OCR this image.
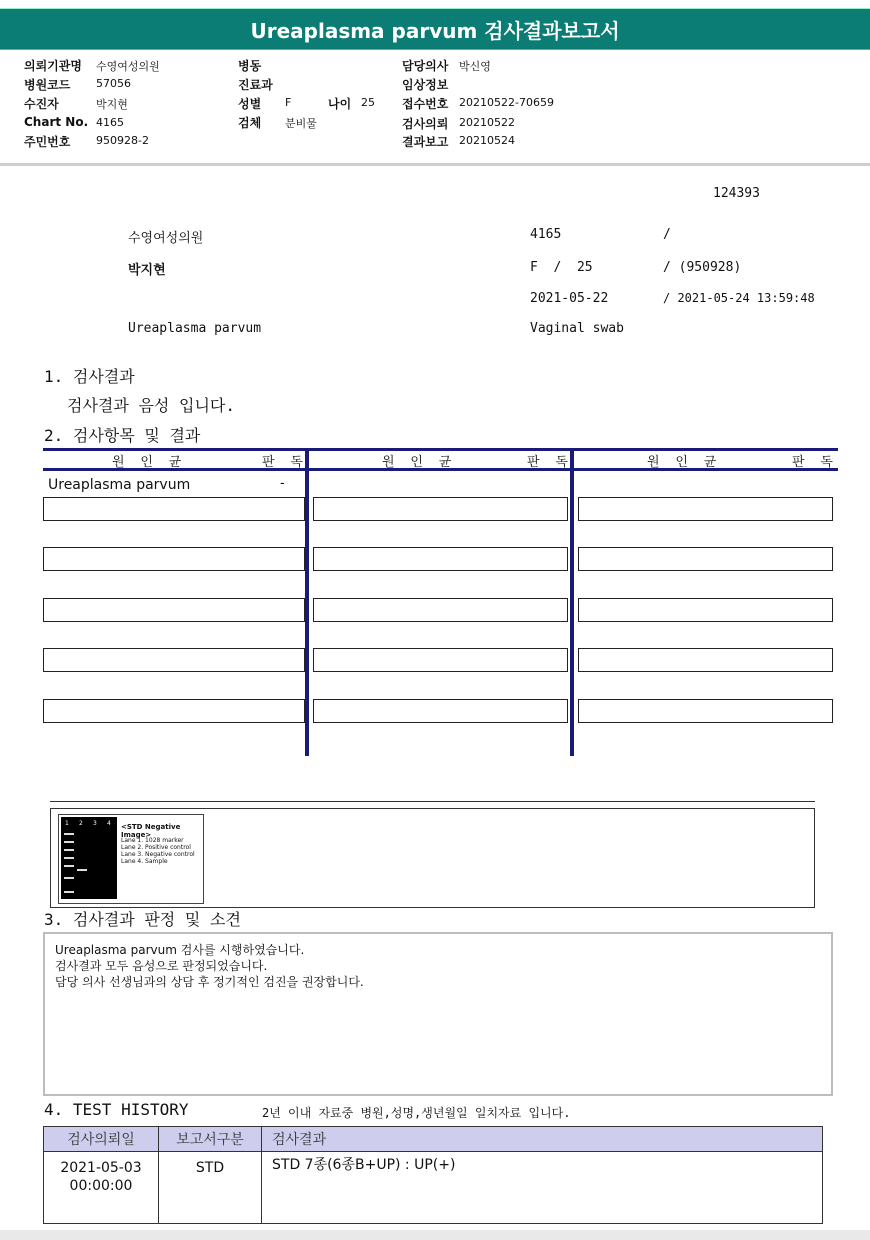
Ureaplasma parvum 검사결과보고서
의뢰기관명 수영여성의원
병원코드 57056
수진자	박지현
Chart No. 4165
주민번호 950928-2
병동
진료과
성별 F	나이 25
검체 분비물
담당의사 박신영
임상정보
접수번호 20210522-70659
검사의뢰 20210522
결과보고 20210524
124393
수영여성의원	4165	/
박지현	F  /  25	/ (950928)
2021-05-22	/ 2021-05-24 13:59:48
Ureaplasma parvum	Vaginal swab
1. 검사결과
검사결과 음성 입니다.
2. 검사항목 및 결과
원 인 균	판 독	원 인 균	판 독	원 인 균	판 독
Ureaplasma parvum	-
1 2 3 4 <STD Negative Image>
Lane 1. 1028 marker
Lane 2. Positive control
Lane 3. Negative control
Lane 4. Sample
3. 검사결과 판정 및 소견
Ureaplasma parvum 검사를 시행하였습니다.
검사결과 모두 음성으로 판정되었습니다.
담당 의사 선생님과의 상담 후 정기적인 검진을 권장합니다.
4. TEST HISTORY	2년 이내 자료중 병원,성명,생년월일 일치자료 입니다.
검사의뢰일	보고서구분	검사결과

2021-05-03
00:00:00	STD	STD 7종(6종B+UP) : UP(+)
